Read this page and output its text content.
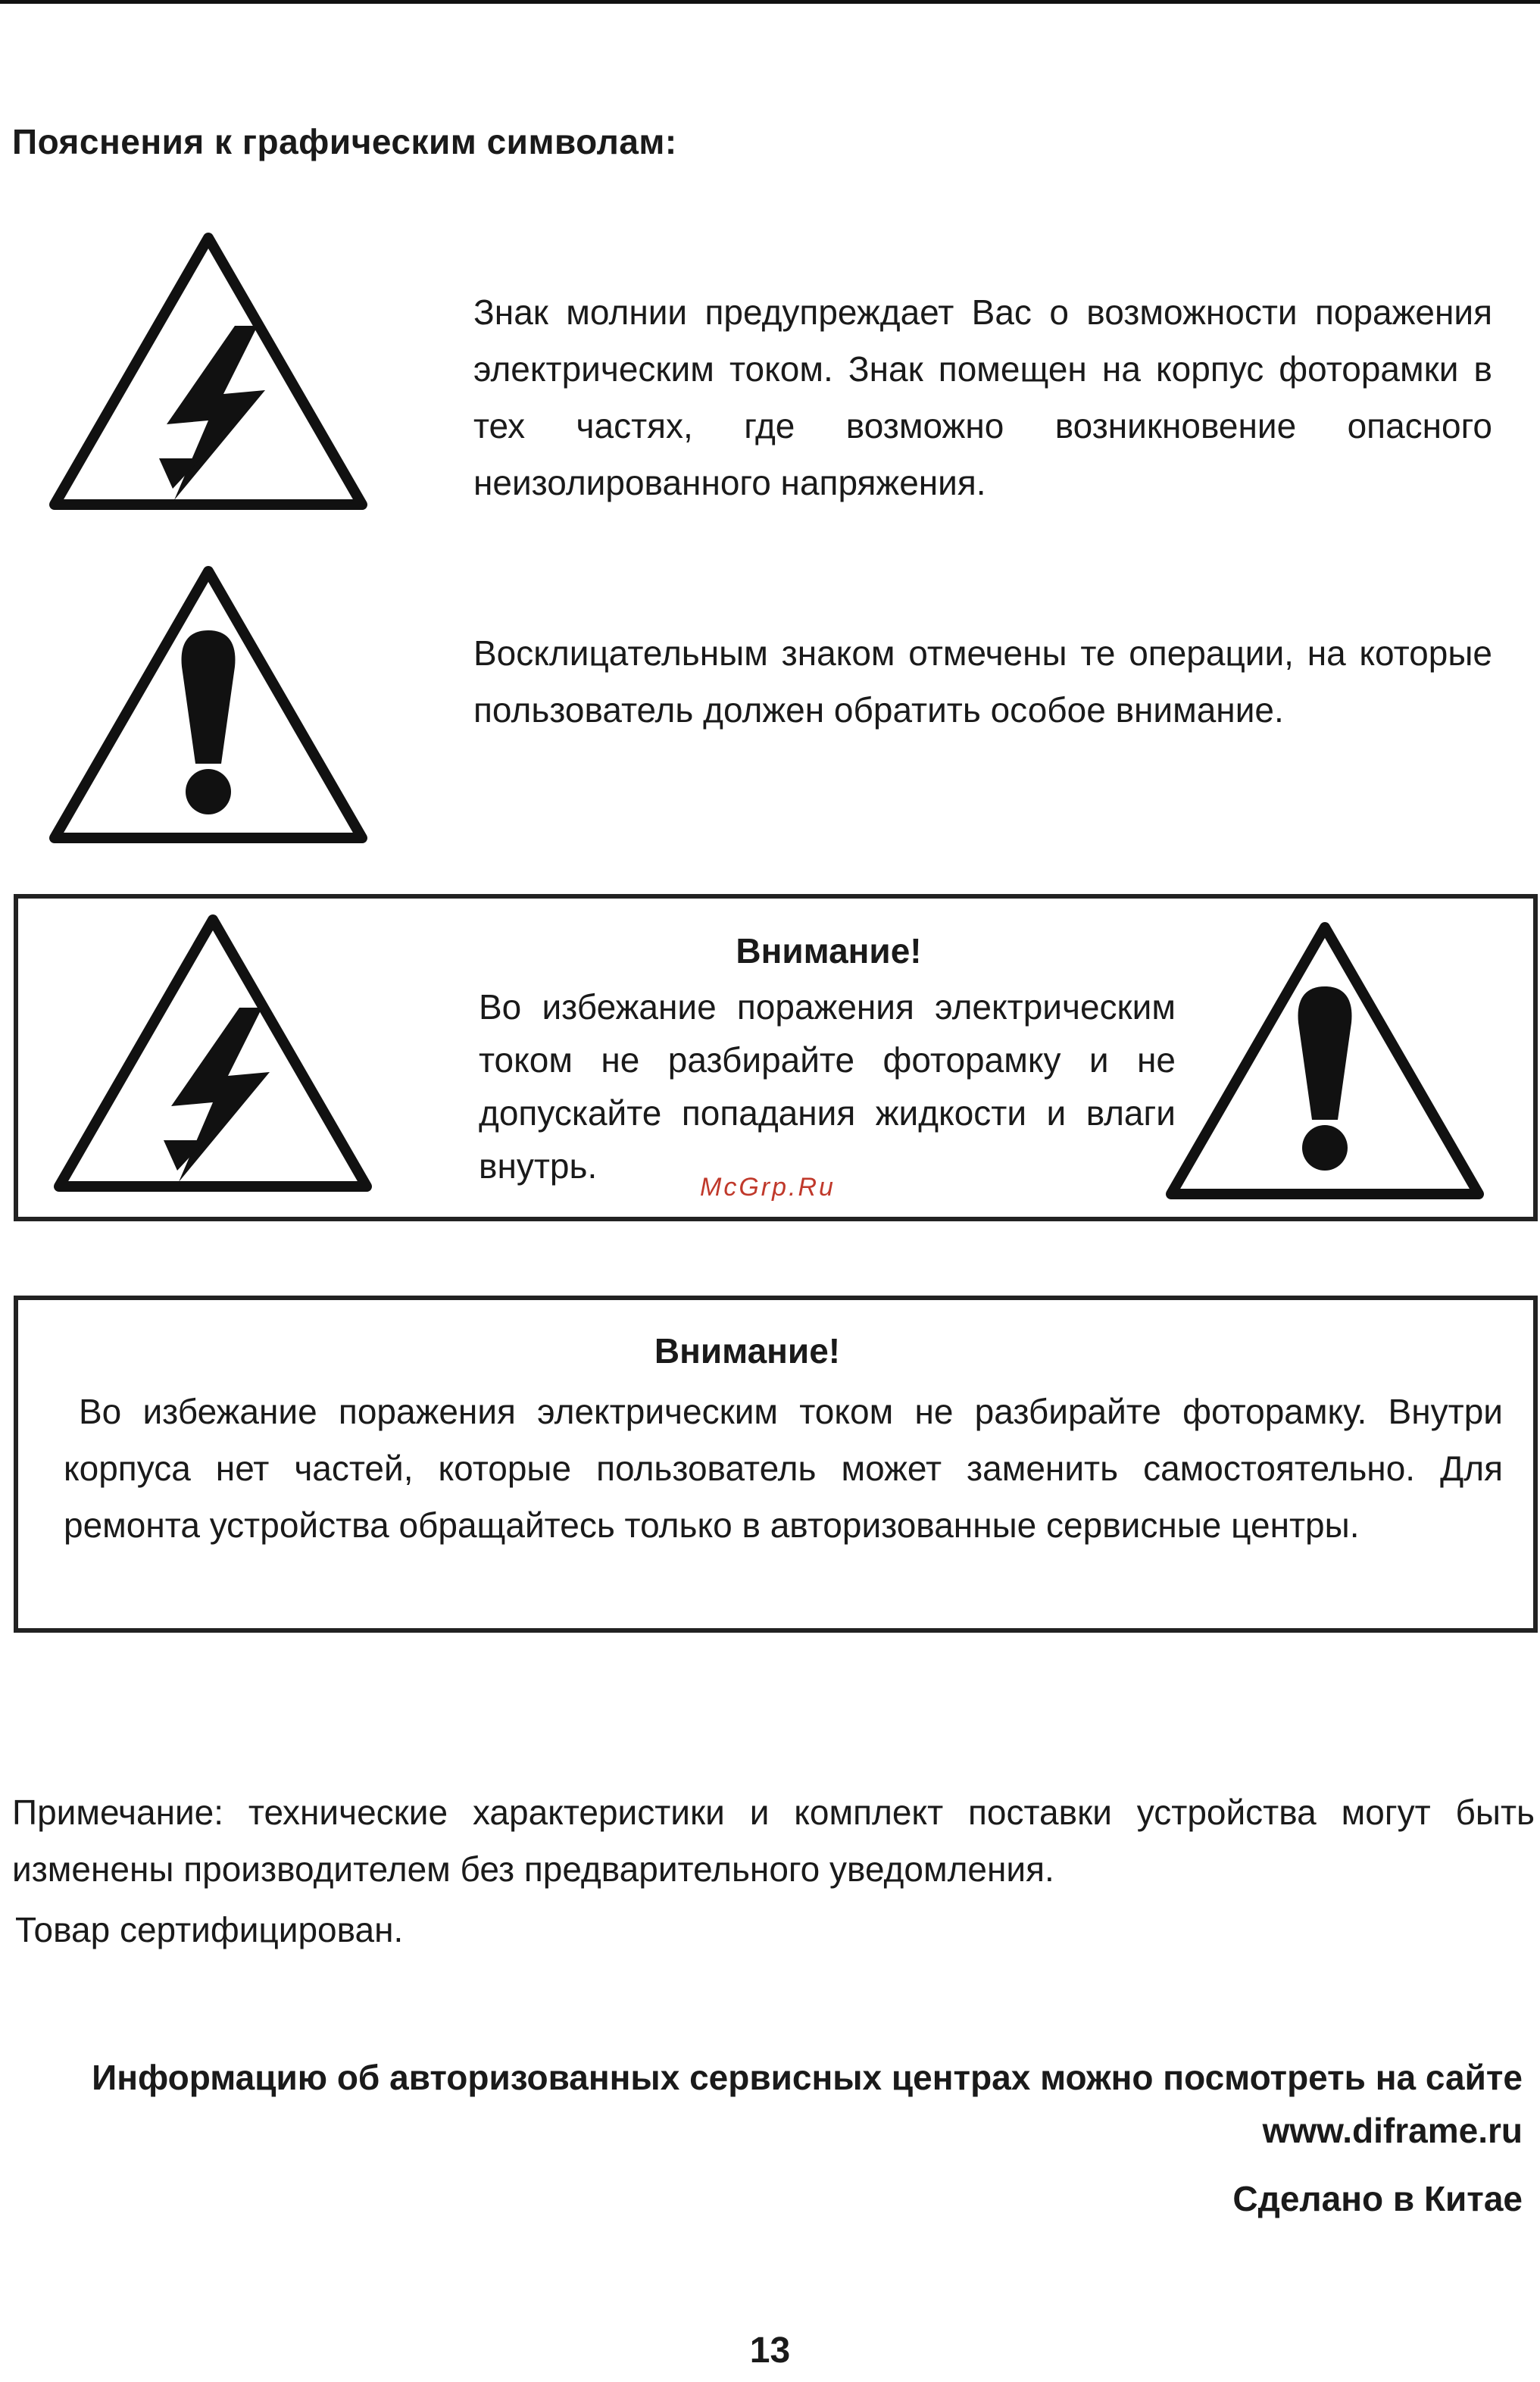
Пояснения к графическим символам:
Знак молнии предупреждает Вас о возможности поражения электрическим током. Знак помещен на корпус фоторамки в тех частях, где возможно возникновение опасного неизолированного напряжения.
Восклицательным знаком отмечены те операции, на которые пользователь должен обратить особое внимание.
Внимание!
Во избежание поражения электрическим током не разбирайте фоторамку и не допускайте попадания жидкости и влаги внутрь.
McGrp.Ru
Внимание!
Во избежание поражения электрическим током не разбирайте фоторамку. Внутри корпуса нет частей, которые пользователь может заменить самостоятельно. Для ремонта устройства обращайтесь только в авторизованные сервисные центры.
Примечание: технические характеристики и комплект поставки устройства могут быть изменены производителем без предварительного уведомления.
Товар сертифицирован.
Информацию об авторизованных сервисных центрах можно посмотреть на сайте
www.diframe.ru
Сделано в Китае
13
